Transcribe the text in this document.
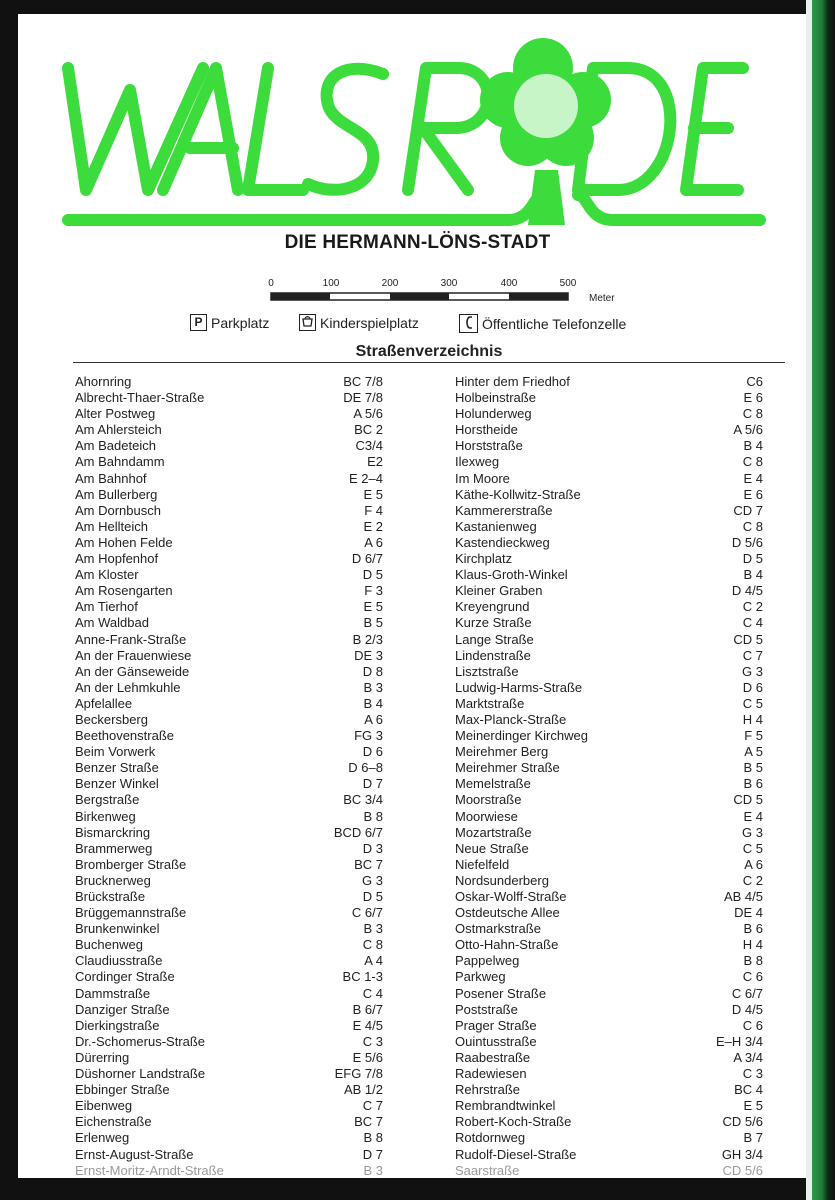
DIE HERMANN-LÖNS-STADT
0	100	200	300	400	500
Meter
P Parkplatz	Kinderspielplatz	Öffentliche Telefonzelle
Straßenverzeichnis
Ahornring	BC 7/8
Albrecht-Thaer-Straße	DE 7/8
Alter Postweg	A 5/6
Am Ahlersteich	BC 2
Am Badeteich	C3/4
Am Bahndamm	E2
Am Bahnhof	E 2–4
Am Bullerberg	E 5
Am Dornbusch	F 4
Am Hellteich	E 2
Am Hohen Felde	A 6
Am Hopfenhof	D 6/7
Am Kloster	D 5
Am Rosengarten	F 3
Am Tierhof	E 5
Am Waldbad	B 5
Anne-Frank-Straße	B 2/3
An der Frauenwiese	DE 3
An der Gänseweide	D 8
An der Lehmkuhle	B 3
Apfelallee	B 4
Beckersberg	A 6
Beethovenstraße	FG 3
Beim Vorwerk	D 6
Benzer Straße	D 6–8
Benzer Winkel	D 7
Bergstraße	BC 3/4
Birkenweg	B 8
Bismarckring	BCD 6/7
Brammerweg	D 3
Bromberger Straße	BC 7
Brucknerweg	G 3
Brückstraße	D 5
Brüggemannstraße	C 6/7
Brunkenwinkel	B 3
Buchenweg	C 8
Claudiusstraße	A 4
Cordinger Straße	BC 1-3
Dammstraße	C 4
Danziger Straße	B 6/7
Dierkingstraße	E 4/5
Dr.-Schomerus-Straße	C 3
Dürerring	E 5/6
Düshorner Landstraße	EFG 7/8
Ebbinger Straße	AB 1/2
Eibenweg	C 7
Eichenstraße	BC 7
Erlenweg	B 8
Ernst-August-Straße	D 7
Ernst-Moritz-Arndt-Straße	B 3
Hinter dem Friedhof	C6
Holbeinstraße	E 6
Holunderweg	C 8
Horstheide	A 5/6
Horststraße	B 4
Ilexweg	C 8
Im Moore	E 4
Käthe-Kollwitz-Straße	E 6
Kammererstraße	CD 7
Kastanienweg	C 8
Kastendieckweg	D 5/6
Kirchplatz	D 5
Klaus-Groth-Winkel	B 4
Kleiner Graben	D 4/5
Kreyengrund	C 2
Kurze Straße	C 4
Lange Straße	CD 5
Lindenstraße	C 7
Lisztstraße	G 3
Ludwig-Harms-Straße	D 6
Marktstraße	C 5
Max-Planck-Straße	H 4
Meinerdinger Kirchweg	F 5
Meirehmer Berg	A 5
Meirehmer Straße	B 5
Memelstraße	B 6
Moorstraße	CD 5
Moorwiese	E 4
Mozartstraße	G 3
Neue Straße	C 5
Niefelfeld	A 6
Nordsunderberg	C 2
Oskar-Wolff-Straße	AB 4/5
Ostdeutsche Allee	DE 4
Ostmarkstraße	B 6
Otto-Hahn-Straße	H 4
Pappelweg	B 8
Parkweg	C 6
Posener Straße	C 6/7
Poststraße	D 4/5
Prager Straße	C 6
Ouintusstraße	E–H 3/4
Raabestraße	A 3/4
Radewiesen	C 3
Rehrstraße	BC 4
Rembrandtwinkel	E 5
Robert-Koch-Straße	CD 5/6
Rotdornweg	B 7
Rudolf-Diesel-Straße	GH 3/4
Saarstraße	CD 5/6
